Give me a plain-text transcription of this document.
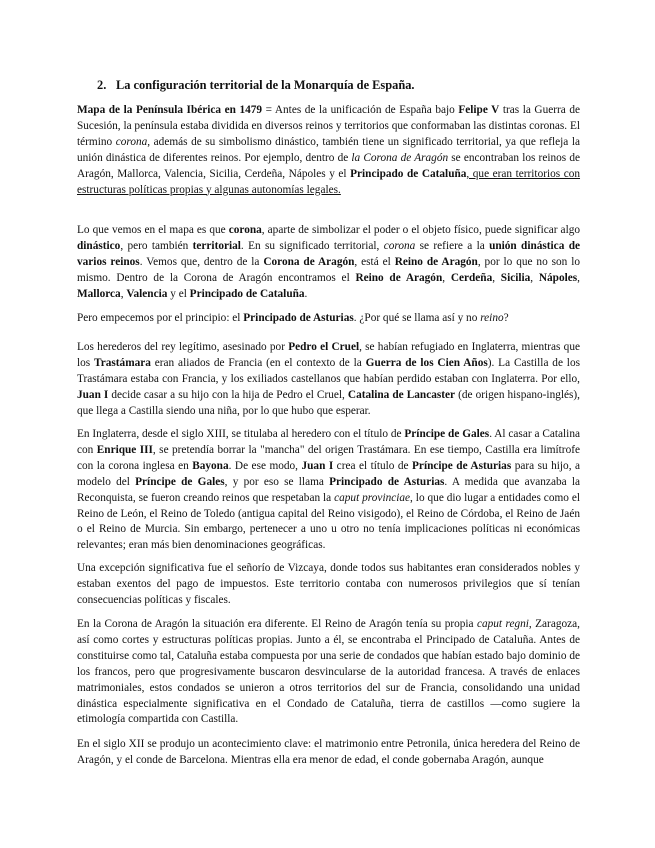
2. La configuración territorial de la Monarquía de España.

Mapa de la Península Ibérica en 1479 = Antes de la unificación de España bajo Felipe V tras la Guerra de Sucesión, la península estaba dividida en diversos reinos y territorios que conformaban las distintas coronas. El término corona, además de su simbolismo dinástico, también tiene un significado territorial, ya que refleja la unión dinástica de diferentes reinos. Por ejemplo, dentro de la Corona de Aragón se encontraban los reinos de Aragón, Mallorca, Valencia, Sicilia, Cerdeña, Nápoles y el Principado de Cataluña, que eran territorios con estructuras políticas propias y algunas autonomías legales.

Lo que vemos en el mapa es que corona, aparte de simbolizar el poder o el objeto físico, puede significar algo dinástico, pero también territorial. En su significado territorial, corona se refiere a la unión dinástica de varios reinos. Vemos que, dentro de la Corona de Aragón, está el Reino de Aragón, por lo que no son lo mismo. Dentro de la Corona de Aragón encontramos el Reino de Aragón, Cerdeña, Sicilia, Nápoles, Mallorca, Valencia y el Principado de Cataluña.

Pero empecemos por el principio: el Principado de Asturias. ¿Por qué se llama así y no reino?

Los herederos del rey legítimo, asesinado por Pedro el Cruel, se habían refugiado en Inglaterra, mientras que los Trastámara eran aliados de Francia (en el contexto de la Guerra de los Cien Años). La Castilla de los Trastámara estaba con Francia, y los exiliados castellanos que habían perdido estaban con Inglaterra. Por ello, Juan I decide casar a su hijo con la hija de Pedro el Cruel, Catalina de Lancaster (de origen hispano-inglés), que llega a Castilla siendo una niña, por lo que hubo que esperar.

En Inglaterra, desde el siglo XIII, se titulaba al heredero con el título de Príncipe de Gales. Al casar a Catalina con Enrique III, se pretendía borrar la "mancha" del origen Trastámara. En ese tiempo, Castilla era limítrofe con la corona inglesa en Bayona. De ese modo, Juan I crea el título de Príncipe de Asturias para su hijo, a modelo del Príncipe de Gales, y por eso se llama Principado de Asturias. A medida que avanzaba la Reconquista, se fueron creando reinos que respetaban la caput provinciae, lo que dio lugar a entidades como el Reino de León, el Reino de Toledo (antigua capital del Reino visigodo), el Reino de Córdoba, el Reino de Jaén o el Reino de Murcia. Sin embargo, pertenecer a uno u otro no tenía implicaciones políticas ni económicas relevantes; eran más bien denominaciones geográficas.

Una excepción significativa fue el señorío de Vizcaya, donde todos sus habitantes eran considerados nobles y estaban exentos del pago de impuestos. Este territorio contaba con numerosos privilegios que sí tenían consecuencias políticas y fiscales.

En la Corona de Aragón la situación era diferente. El Reino de Aragón tenía su propia caput regni, Zaragoza, así como cortes y estructuras políticas propias. Junto a él, se encontraba el Principado de Cataluña. Antes de constituirse como tal, Cataluña estaba compuesta por una serie de condados que habían estado bajo dominio de los francos, pero que progresivamente buscaron desvincularse de la autoridad francesa. A través de enlaces matrimoniales, estos condados se unieron a otros territorios del sur de Francia, consolidando una unidad dinástica especialmente significativa en el Condado de Cataluña, tierra de castillos —como sugiere la etimología compartida con Castilla.

En el siglo XII se produjo un acontecimiento clave: el matrimonio entre Petronila, única heredera del Reino de Aragón, y el conde de Barcelona. Mientras ella era menor de edad, el conde gobernaba Aragón, aunque
